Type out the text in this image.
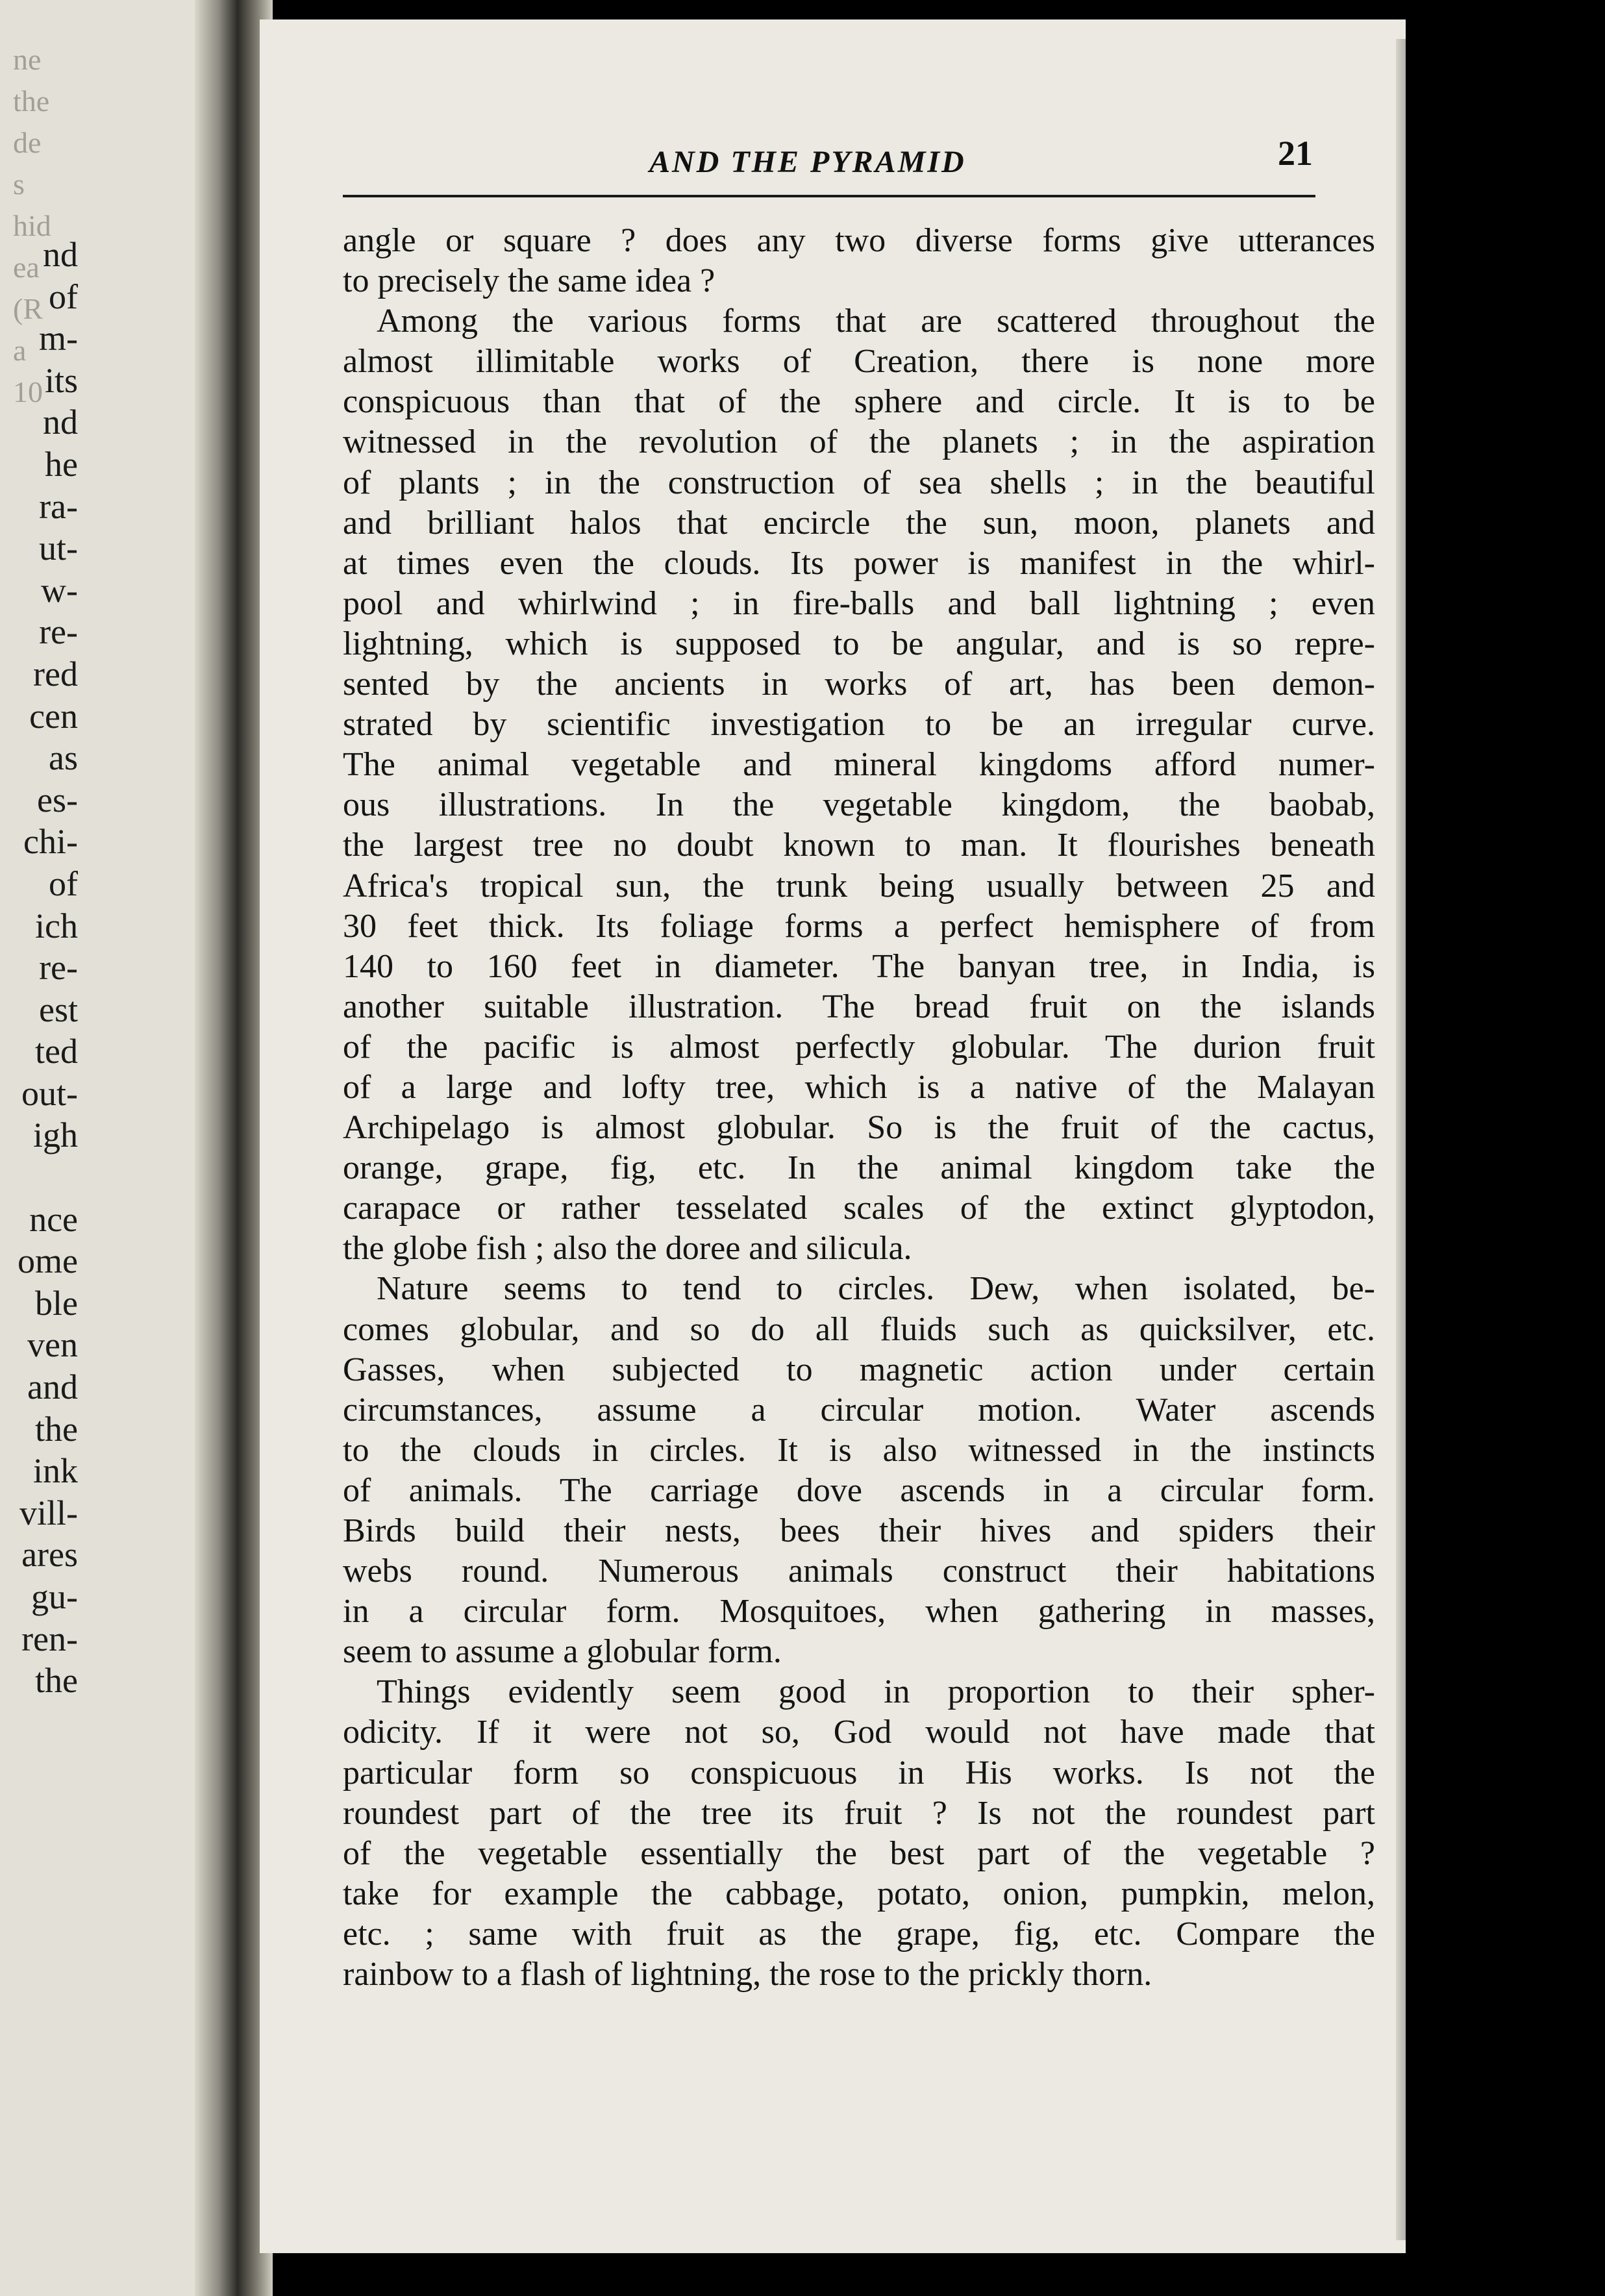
ne
the
de
s
hid
ea
(R
a
10
nd
of
m-
its
nd
he
ra-
ut-
w-
re-
red
cen
as
es-
chi-
of
ich
re-
est
ted
out-
igh
nce
ome
ble
ven
and
the
ink
vill-
ares
gu-
ren-
the
AND THE PYRAMID	21
angle or square ? does any two diverse forms give utterances
to precisely the same idea ?
Among the various forms that are scattered throughout the
almost illimitable works of Creation, there is none more
conspicuous than that of the sphere and circle. It is to be
witnessed in the revolution of the planets ; in the aspiration
of plants ; in the construction of sea shells ; in the beautiful
and brilliant halos that encircle the sun, moon, planets and
at times even the clouds. Its power is manifest in the whirl-
pool and whirlwind ; in fire-balls and ball lightning ; even
lightning, which is supposed to be angular, and is so repre-
sented by the ancients in works of art, has been demon-
strated by scientific investigation to be an irregular curve.
The animal vegetable and mineral kingdoms afford numer-
ous illustrations. In the vegetable kingdom, the baobab,
the largest tree no doubt known to man. It flourishes beneath
Africa's tropical sun, the trunk being usually between 25 and
30 feet thick. Its foliage forms a perfect hemisphere of from
140 to 160 feet in diameter. The banyan tree, in India, is
another suitable illustration. The bread fruit on the islands
of the pacific is almost perfectly globular. The durion fruit
of a large and lofty tree, which is a native of the Malayan
Archipelago is almost globular. So is the fruit of the cactus,
orange, grape, fig, etc. In the animal kingdom take the
carapace or rather tesselated scales of the extinct glyptodon,
the globe fish ; also the doree and silicula.
Nature seems to tend to circles. Dew, when isolated, be-
comes globular, and so do all fluids such as quicksilver, etc.
Gasses, when subjected to magnetic action under certain
circumstances, assume a circular motion. Water ascends
to the clouds in circles. It is also witnessed in the instincts
of animals. The carriage dove ascends in a circular form.
Birds build their nests, bees their hives and spiders their
webs round. Numerous animals construct their habitations
in a circular form. Mosquitoes, when gathering in masses,
seem to assume a globular form.
Things evidently seem good in proportion to their spher-
odicity. If it were not so, God would not have made that
particular form so conspicuous in His works. Is not the
roundest part of the tree its fruit ? Is not the roundest part
of the vegetable essentially the best part of the vegetable ?
take for example the cabbage, potato, onion, pumpkin, melon,
etc. ; same with fruit as the grape, fig, etc. Compare the
rainbow to a flash of lightning, the rose to the prickly thorn.
